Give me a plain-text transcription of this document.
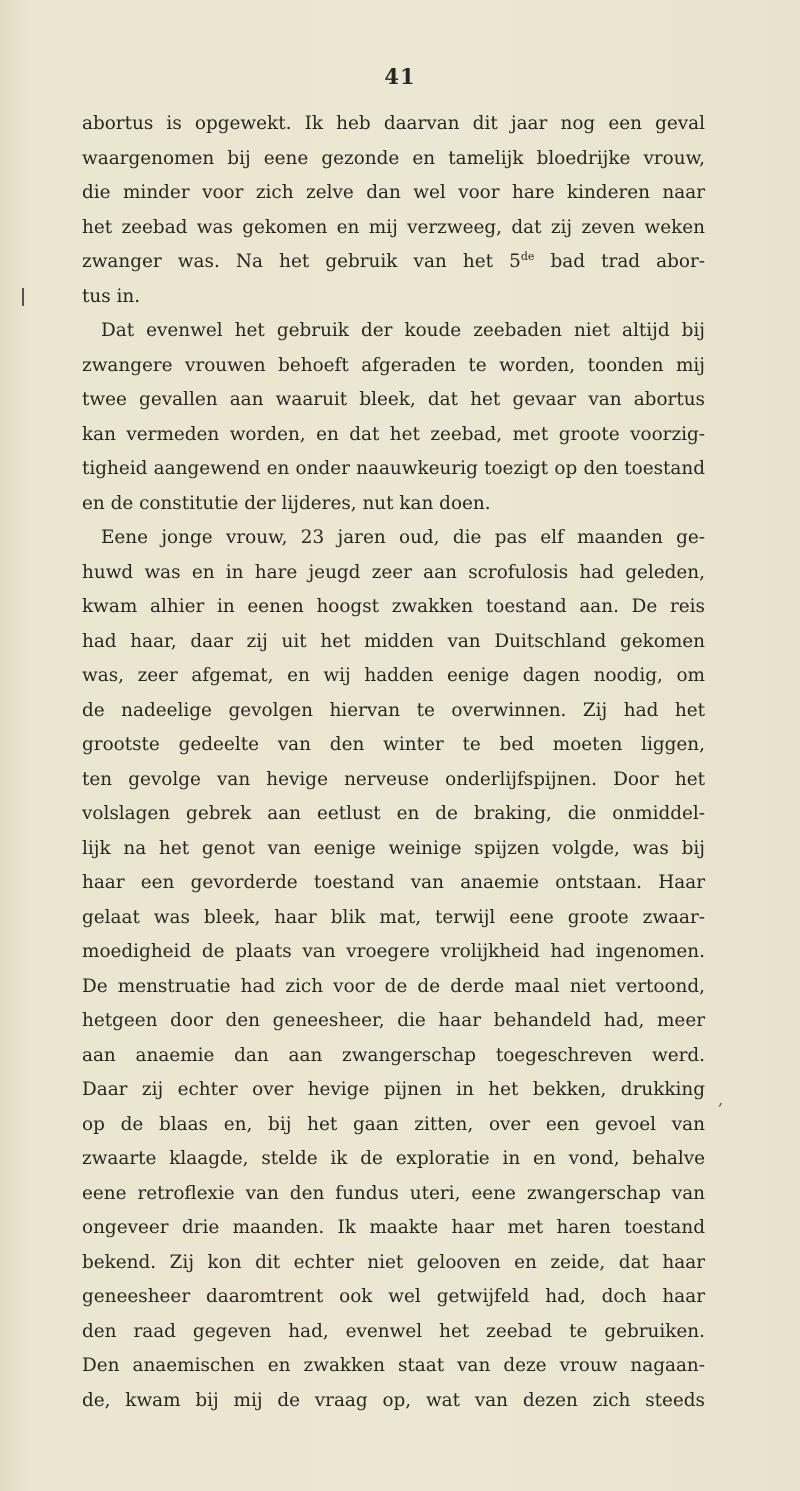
41
,
abortus is opgewekt. Ik heb daarvan dit jaar nog een geval
waargenomen bij eene gezonde en tamelijk bloedrijke vrouw,
die minder voor zich zelve dan wel voor hare kinderen naar
het zeebad was gekomen en mij verzweeg, dat zij zeven weken
zwanger was. Na het gebruik van het 5de bad trad abor-
tus in.
Dat evenwel het gebruik der koude zeebaden niet altijd bij
zwangere vrouwen behoeft afgeraden te worden, toonden mij
twee gevallen aan waaruit bleek, dat het gevaar van abortus
kan vermeden worden, en dat het zeebad, met groote voorzig-
tigheid aangewend en onder naauwkeurig toezigt op den toestand
en de constitutie der lijderes, nut kan doen.
Eene jonge vrouw, 23 jaren oud, die pas elf maanden ge-
huwd was en in hare jeugd zeer aan scrofulosis had geleden,
kwam alhier in eenen hoogst zwakken toestand aan. De reis
had haar, daar zij uit het midden van Duitschland gekomen
was, zeer afgemat, en wij hadden eenige dagen noodig, om
de nadeelige gevolgen hiervan te overwinnen. Zij had het
grootste gedeelte van den winter te bed moeten liggen,
ten gevolge van hevige nerveuse onderlijfspijnen. Door het
volslagen gebrek aan eetlust en de braking, die onmiddel-
lijk na het genot van eenige weinige spijzen volgde, was bij
haar een gevorderde toestand van anaemie ontstaan. Haar
gelaat was bleek, haar blik mat, terwijl eene groote zwaar-
moedigheid de plaats van vroegere vrolijkheid had ingenomen.
De menstruatie had zich voor de de derde maal niet vertoond,
hetgeen door den geneesheer, die haar behandeld had, meer
aan anaemie dan aan zwangerschap toegeschreven werd.
Daar zij echter over hevige pijnen in het bekken, drukking
op de blaas en, bij het gaan zitten, over een gevoel van
zwaarte klaagde, stelde ik de exploratie in en vond, behalve
eene retroflexie van den fundus uteri, eene zwangerschap van
ongeveer drie maanden. Ik maakte haar met haren toestand
bekend. Zij kon dit echter niet gelooven en zeide, dat haar
geneesheer daaromtrent ook wel getwijfeld had, doch haar
den raad gegeven had, evenwel het zeebad te gebruiken.
Den anaemischen en zwakken staat van deze vrouw nagaan-
de, kwam bij mij de vraag op, wat van dezen zich steeds
